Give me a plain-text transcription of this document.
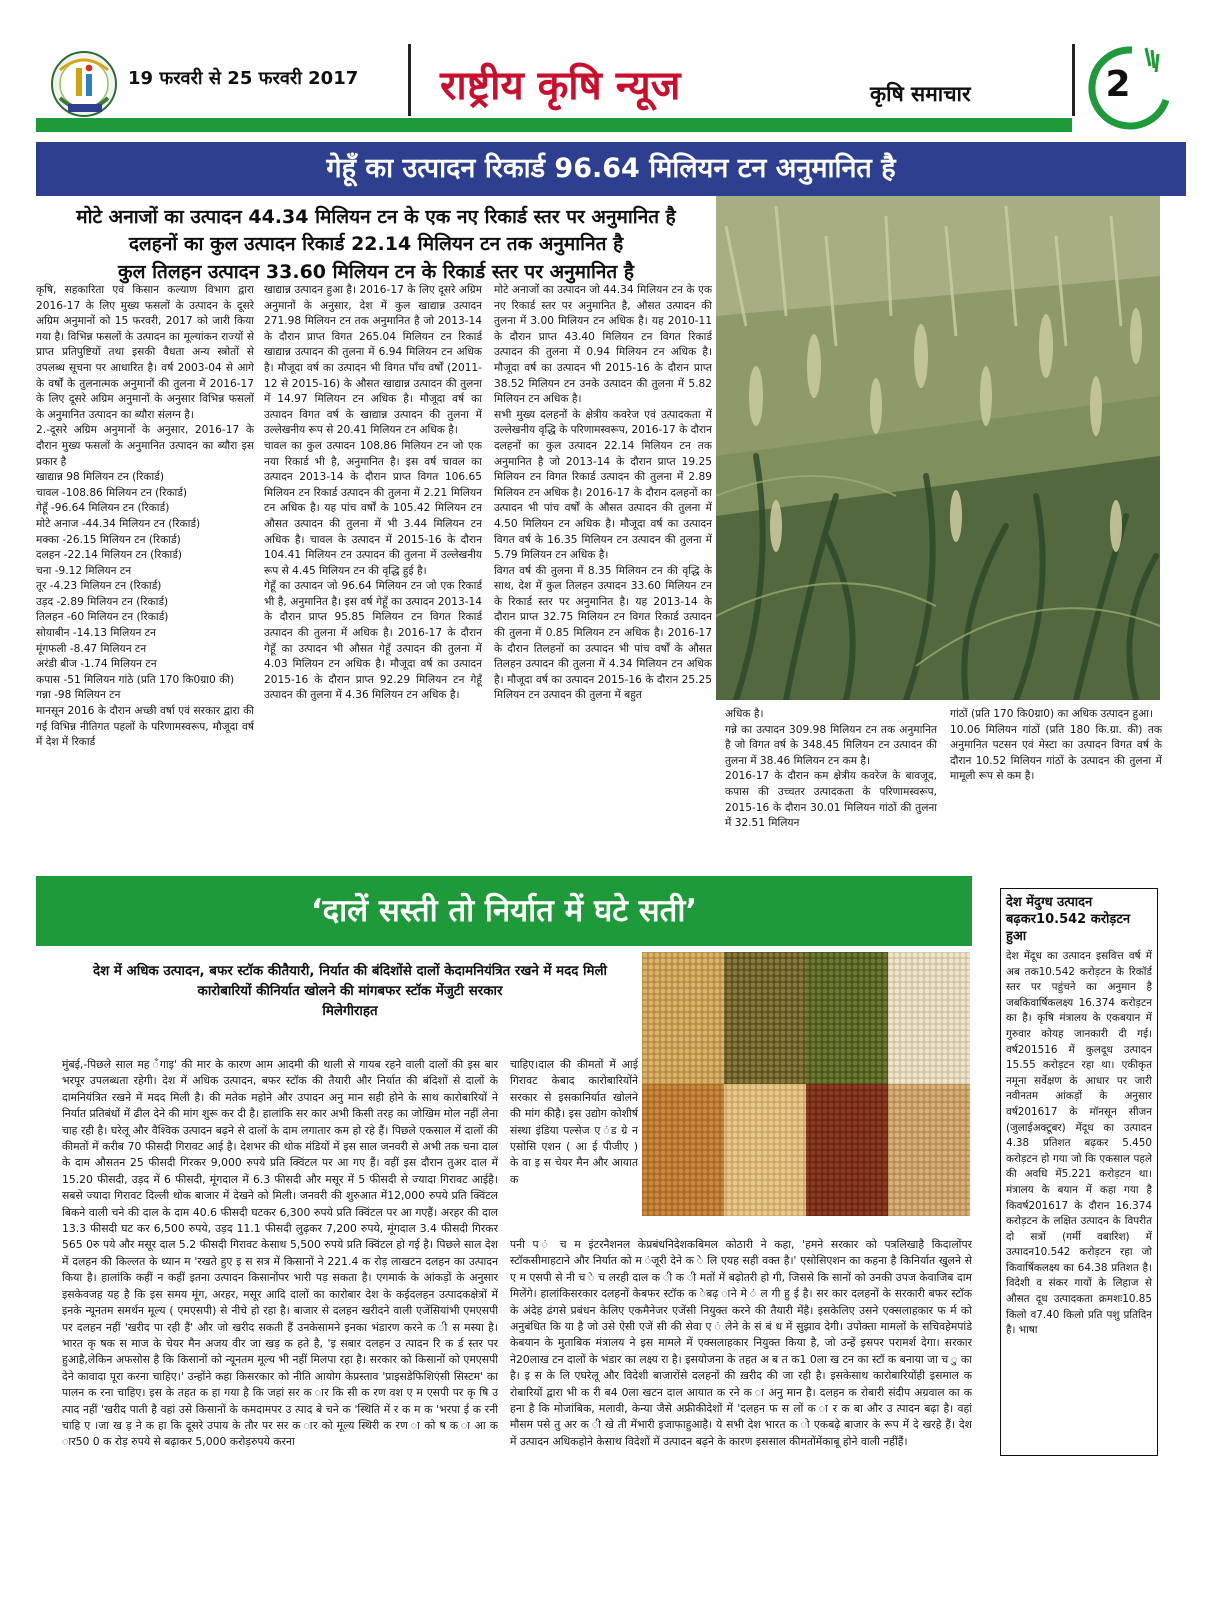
19 फरवरी से 25 फरवरी 2017 राष्ट्रीय कृषि न्यूज	कृषि समाचार	2
गेहूँ का उत्पादन रिकार्ड 96.64 मिलियन टन अनुमानित है
मोटे अनाजों का उत्पादन 44.34 मिलियन टन के एक नए रिकार्ड स्तर पर अनुमानित है
दलहनों का कुल उत्पादन रिकार्ड 22.14 मिलियन टन तक अनुमानित है
कुल तिलहन उत्पादन 33.60 मिलियन टन के रिकार्ड स्तर पर अनुमानित है
कृषि, सहकारिता एवं किसान कल्याण विभाग द्वारा 2016-17 के लिए मुख्य फसलों के उत्पादन के दूसरे अग्रिम अनुमानों को 15 फरवरी, 2017 को जारी किया गया है। विभिन्न फसलों के उत्पादन का मूल्यांकन राज्यों से प्राप्त प्रतिपुष्टियों तथा इसकी वैधता अन्य स्त्रोतों से उपलब्ध सूचना पर आधारित है। वर्ष 2003-04 से आगे के वर्षों के तुलनात्मक अनुमानों की तुलना में 2016-17 के लिए दूसरे अग्रिम अनुमानों के अनुसार विभिन्न फसलों के अनुमानित उत्पादन का ब्यौरा संलग्न है।
2.-दूसरे अग्रिम अनुमानों के अनुसार, 2016-17 के दौरान मुख्य फसलों के अनुमानित उत्पादन का ब्यौरा इस प्रकार है
खाद्यान्न 98 मिलियन टन (रिकार्ड)
चावल -108.86 मिलियन टन (रिकार्ड)
गेहूँ -96.64 मिलियन टन (रिकार्ड)
मोटे अनाज -44.34 मिलियन टन (रिकार्ड)
मक्का -26.15 मिलियन टन (रिकार्ड)
दलहन -22.14 मिलियन टन (रिकार्ड)
चना -9.12 मिलियन टन
तूर -4.23 मिलियन टन (रिकार्ड)
उड़द -2.89 मिलियन टन (रिकार्ड)
तिलहन -60 मिलियन टन (रिकार्ड)
सोयाबीन -14.13 मिलियन टन
मूंगफली -8.47 मिलियन टन
अरंडी बीज -1.74 मिलियन टन
कपास -51 मिलियन गांठे (प्रति 170 कि0ग्रा0 की)
गन्ना -98 मिलियन टन
मानसून 2016 के दौरान अच्छी वर्षा एवं सरकार द्वारा की गई विभिन्न नीतिगत पहलों के परिणामस्वरूप, मौजूदा वर्ष में देश में रिकार्ड
खाद्यान्न उत्पादन हुआ है। 2016-17 के लिए दूसरे अग्रिम अनुमानों के अनुसार, देश में कुल खाद्यान्न उत्पादन 271.98 मिलियन टन तक अनुमानित है जो 2013-14 के दौरान प्राप्त विगत 265.04 मिलियन टन रिकार्ड खाद्यान्न उत्पादन की तुलना में 6.94 मिलियन टन अधिक है। मौजूदा वर्ष का उत्पादन भी विगत पाँच वर्षों (2011-12 से 2015-16) के औसत खाद्यान्न उत्पादन की तुलना में 14.97 मिलियन टन अधिक है। मौजूदा वर्ष का उत्पादन विगत वर्ष के खाद्यान्न उत्पादन की तुलना में उल्लेखनीय रूप से 20.41 मिलियन टन अधिक है।
चावल का कुल उत्पादन 108.86 मिलियन टन जो एक नया रिकार्ड भी है, अनुमानित है। इस वर्ष चावल का उत्पादन 2013-14 के दौरान प्राप्त विगत 106.65 मिलियन टन रिकार्ड उत्पादन की तुलना में 2.21 मिलियन टन अधिक है। यह पांच वर्षों के 105.42 मिलियन टन औसत उत्पादन की तुलना में भी 3.44 मिलियन टन अधिक है। चावल के उत्पादन में 2015-16 के दौरान 104.41 मिलियन टन उत्पादन की तुलना में उल्लेखनीय रूप से 4.45 मिलियन टन की वृद्धि हुई है।
गेहूँ का उत्पादन जो 96.64 मिलियन टन जो एक रिकार्ड भी है, अनुमानित है। इस वर्ष गेहूँ का उत्पादन 2013-14 के दौरान प्राप्त 95.85 मिलियन टन विगत रिकार्ड उत्पादन की तुलना में अधिक है। 2016-17 के दौरान गेहूँ का उत्पादन भी औसत गेहूँ उत्पादन की तुलना में 4.03 मिलियन टन अधिक है। मौजूदा वर्ष का उत्पादन 2015-16 के दौरान प्राप्त 92.29 मिलियन टन गेहूँ उत्पादन की तुलना में 4.36 मिलियन टन अधिक है।
मोटे अनाजों का उत्पादन जो 44.34 मिलियन टन के एक नए रिकार्ड स्तर पर अनुमानित है, औसत उत्पादन की तुलना में 3.00 मिलियन टन अधिक है। यह 2010-11 के दौरान प्राप्त 43.40 मिलियन टन विगत रिकार्ड उत्पादन की तुलना में 0.94 मिलियन टन अधिक है। मौजूदा वर्ष का उत्पादन भी 2015-16 के दौरान प्राप्त 38.52 मिलियन टन उनके उत्पादन की तुलना में 5.82 मिलियन टन अधिक है।
सभी मुख्य दलहनों के क्षेत्रीय कवरेज एवं उत्पादकता में उल्लेखनीय वृद्धि के परिणामस्वरूप, 2016-17 के दौरान दलहनों का कुल उत्पादन 22.14 मिलियन टन तक अनुमानित है जो 2013-14 के दौरान प्राप्त 19.25 मिलियन टन विगत रिकार्ड उत्पादन की तुलना में 2.89 मिलियन टन अधिक है। 2016-17 के दौरान दलहनों का उत्पादन भी पांच वर्षों के औसत उत्पादन की तुलना में 4.50 मिलियन टन अधिक है। मौजूदा वर्ष का उत्पादन विगत वर्ष के 16.35 मिलियन टन उत्पादन की तुलना में 5.79 मिलियन टन अधिक है।
विगत वर्ष की तुलना में 8.35 मिलियन टन की वृद्धि के साथ, देश में कुल तिलहन उत्पादन 33.60 मिलियन टन के रिकार्ड स्तर पर अनुमानित है। यह 2013-14 के दौरान प्राप्त 32.75 मिलियन टन विगत रिकार्ड उत्पादन की तुलना में 0.85 मिलियन टन अधिक है। 2016-17 के दौरान तिलहनों का उत्पादन भी पांच वर्षों के औसत तिलहन उत्पादन की तुलना में 4.34 मिलियन टन अधिक है। मौजूदा वर्ष का उत्पादन 2015-16 के दौरान 25.25 मिलियन टन उत्पादन की तुलना में बहुत
अधिक है।
गन्ने का उत्पादन 309.98 मिलियन टन तक अनुमानित है जो विगत वर्ष के 348.45 मिलियन टन उत्पादन की तुलना में 38.46 मिलियन टन कम है।
2016-17 के दौरान कम क्षेत्रीय कवरेज के बावजूद, कपास की उच्चतर उत्पादकता के परिणामस्वरूप, 2015-16 के दौरान 30.01 मिलियन गांठों की तुलना में 32.51 मिलियन
गांठों (प्रति 170 कि0ग्रा0) का अधिक उत्पादन हुआ।
10.06 मिलियन गांठों (प्रति 180 कि.ग्रा. की) तक अनुमानित पटसन एवं मेस्टा का उत्पादन विगत वर्ष के दौरान 10.52 मिलियन गांठों के उत्पादन की तुलना में मामूली रूप से कम है।
‘दालें सस्ती तो निर्यात में घटे सती’
देश में अधिक उत्पादन, बफर स्टॉक कीतैयारी, निर्यात की बंदिशोंसे दालों केदामनियंत्रित रखने में मदद मिली
कारोबारियों कीनिर्यात खोलने की मांगबफर स्टॉक मेंजुटी सरकार
मिलेगीराहत
मुंबई,-पिछले साल मह ँगाइ' की मार के कारण आम आदमी की थाली से गायब रहने वाली दालों की इस बार भरपूर उपलब्धता रहेगी। देश में अधिक उत्पादन, बफर स्टॉक की तैयारी और निर्यात की बंदिशों से दालों के दामनियंत्रित रखने में मदद मिली है। की मतेक महोने और उपादन अनु मान सही होने के साथ कारोबारियों ने निर्यात प्रतिबंधों में ढील देने की मांग शुरू कर दी है। हालांकि सर कार अभी किसी तरह का जोखिम मोल नहीं लेना चाह रही है। घरेलू और वैश्विक उत्पादन बढ़ने से दालों के दाम लगातार कम हो रहे हैं। पिछले एकसाल में दालों की कीमतों में करीब 70 फीसदी गिरावट आई है। देशभर की थोक मंडियों में इस साल जनवरी से अभी तक चना दाल के दाम औसतन 25 फीसदी गिरकर 9,000 रुपये प्रति क्विंटल पर आ गए हैं। वहीं इस दौरान तुअर दाल में 15.20 फीसदी, उड़द में 6 फीसदी, मूंगदाल में 6.3 फीसदी और मसूर में 5 फीसदी से ज्यादा गिरावट आईहै। सबसे ज्यादा गिरावट दिल्ली थोक बाजार में देखने को मिली। जनवरी की शुरुआत में12,000 रुपये प्रति क्विंटल बिकने वाली चने की दाल के दाम 40.6 फीसदी घटकर 6,300 रुपये प्रति क्विंटल पर आ गएहैं। अरहर की दाल 13.3 फीसदी घट कर 6,500 रुपये, उड़द 11.1 फीसदी लुढ़कर 7,200 रुपये, मूंगदाल 3.4 फीसदी गिरकर 565 0रु पये और मसूर दाल 5.2 फीसदी गिरावट केसाथ 5,500 रुपये प्रति क्विंटल हो गई है। पिछले साल देश में दलहन की किल्लत के ध्यान म 'रखते हुए इ स सत्र में किसानों ने 221.4 क रोड़ लाखटन दलहन का उत्पादन किया है। हालांकि कहीं न कहीं इतना उत्पादन किसानोंपर भारी पड़ सकता है। एगमार्क के आंकड़ों के अनुसार इसकेवजह यह है कि इस समय मूंग, अरहर, मसूर आदि दालों का कारोबार देश के कईदलहन उत्पादकक्षेत्रों में इनके न्यूनतम समर्थन मूल्य ( एमएसपी) से नीचे हो रहा है। बाजार से दलहन खरीदने वाली एजेंसियांभी एमएसपी पर दलहन नहीं 'खरीद पा रही हैं' और जो खरीद सकती हैं उनकेसामने इनका भंडारण करने क ी स मस्या है। भारत कृ षक स माज के चेयर मैन अजय वीर जा खड़ क हते है, 'इ सबार दलहन उ त्पादन रि क र्ड स्तर पर हुआहै,लेकिन अफसोस है कि किसानों को न्यूनतम मूल्य भी नहीं मिलपा रहा है। सरकार को किसानों को एमएसपी देने कावादा पूरा करना चाहिए।' उन्होंने कहा किसरकार को नीति आयोग केप्रस्ताव 'प्राइसडेफिशिएंसी सिस्टम' का पालन क रना चाहिए। इस के तहत क हा गया है कि जहां सर क ार कि सी क रण वश ए म एसपी पर कृ षि उ त्पाद नहीं 'खरीद पाती है वहां उसे किसानों के कमदामपर उ त्पाद बे चने क 'स्थिति में र क म क 'भरपा ई क रनी चाहि ए ।जा ख ड़ ने क हा कि दूसरे उपाय के तौर पर सर क ार को मूल्य स्थिरी क रण ा को ष क ा आ क ार50 0 क रोड़ रुपये से बढ़ाकर 5,000 करोड़रुपये करना
चाहिए।दाल की कीमतों में आई गिरावट केबाद कारोबारियोंने सरकार से इसकानिर्यात खोलने की मांग कीहै। इस उद्योग कोशीर्ष संस्था इंडिया पल्सेज ए ंड ग्रे न एसोसि एशन ( आ ई पीजीए ) के वा इ स चेयर मैन और आयात क
पनी प ं च म इंटरनैशनल केप्रबंधनिदेशकबिमल कोठारी ने कहा, 'हमने सरकार को पत्रलिखाहै किदालोंपर स्टॉकसीमाहटाने और निर्यात को म ंजूरी देने क े लि एयह सही वक्त है।' एसोसिएशन का कहना है किनिर्यात खुलने से ए म एसपी से नी च े च लरही दाल क ी क ी मतों में बढ़ोतरी हो गी, जिससे कि सानों को उनकी उपज केवाजिब दाम मिलेंगे। हालांकिसरकार दलहनों केबफर स्टॉक क ेबढ़ ाने मे ं ल गी हु ई है। सर कार दलहनों के सरकारी बफर स्टॉक के अंदेह ढंगसे प्रबंधन केलिए एकमैनेजर एजेंसी नियुक्त करने की तैयारी मेंहै। इसकेलिए उसने एक्सलाहकार फ र्म को अनुबंधित कि या है जो उसे ऐसी एजें सी की सेवा ए ं लेने के सं बं ध में सुझाव देगी। उपोक्ता मामलों के सचिवहेमपांडे केबयान के मुताबिक मंत्रालय ने इस मामले में एक्सलाहकार नियुक्त किया है, जो उन्हें इसपर परामर्श देगा। सरकार ने20लाख टन दालों के भंडार का लक्ष्य रा है। इसयोजना के तहत अ ब त क1 0ला ख टन का स्टॉ क बनाया जा च ु का है। इ स के लि एघरेलू और विदेशी बाजारोंसे दलहनों की ख़रीद की जा रही है। इसकेसाथ कारोबारियोंही इसमाल क रोबारियों द्वारा भी क री ब4 0ला खटन दाल आयात क रने क ा अनु मान है। दलहन क रोबारी संदीप अग्रवाल का क हना है कि मोजांबिक, मलावी, केन्या जैसे अफ्रीकीदेशों में 'दलहन फ स लों क ा र क बा और उ त्पादन बढ़ा है। वहां मौसम पसे तु अर क ी खे ती मेंभारी इजाफाहुआहै। ये सभी देश भारत क ो एकबढ़े बाजार के रूप में दे खरहे हैं। देश में उत्पादन अधिकहोने केसाथ विदेशों में उत्पादन बढ़ने के कारण इससाल कीमतोंमेंकाबू होने वाली नहींहैं।
देश मेंदुग्ध उत्पादन बढ़कर10.542 करोड़टन हुआ
देश मेंदूध का उत्पादन इसवित्त वर्ष में अब तक10.542 करोड़टन के रिकॉर्ड स्तर पर पहुंचने का अनुमान है जबकिवार्षिकलक्ष्य 16.374 करोड़टन का है। कृषि मंत्रालय के एकबयान में गुरुवार कोयह जानकारी दी गई। वर्ष201516 में कुलदूध उत्पादन 15.55 करोड़टन रहा था। एकीकृत नमूना सर्वेक्षण के आधार पर जारी नवीनतम आंकड़ों के अनुसार वर्ष201617 के मॉनसून सीजन (जुलाईअक्टूबर) मेंदूध का उत्पादन 4.38 प्रतिशत बढ़कर 5.450 करोड़टन हो गया जो कि एकसाल पहले की अवधि में5.221 करोड़टन था। मंत्रालय के बयान में कहा गया है किवर्ष201617 के दौरान 16.374 करोड़टन के लक्षित उत्पादन के विपरीत दो सत्रों (गर्मी वबारिश) में उत्पादन10.542 करोड़टन रहा जो किवार्षिकलक्ष्य का 64.38 प्रतिशत है। विदेशी व संकर गायों के लिहाज से औसत दूध उत्पादकता क्रमशः10.85 किलो व7.40 किलो प्रति पशु प्रतिदिन है। भाषा
